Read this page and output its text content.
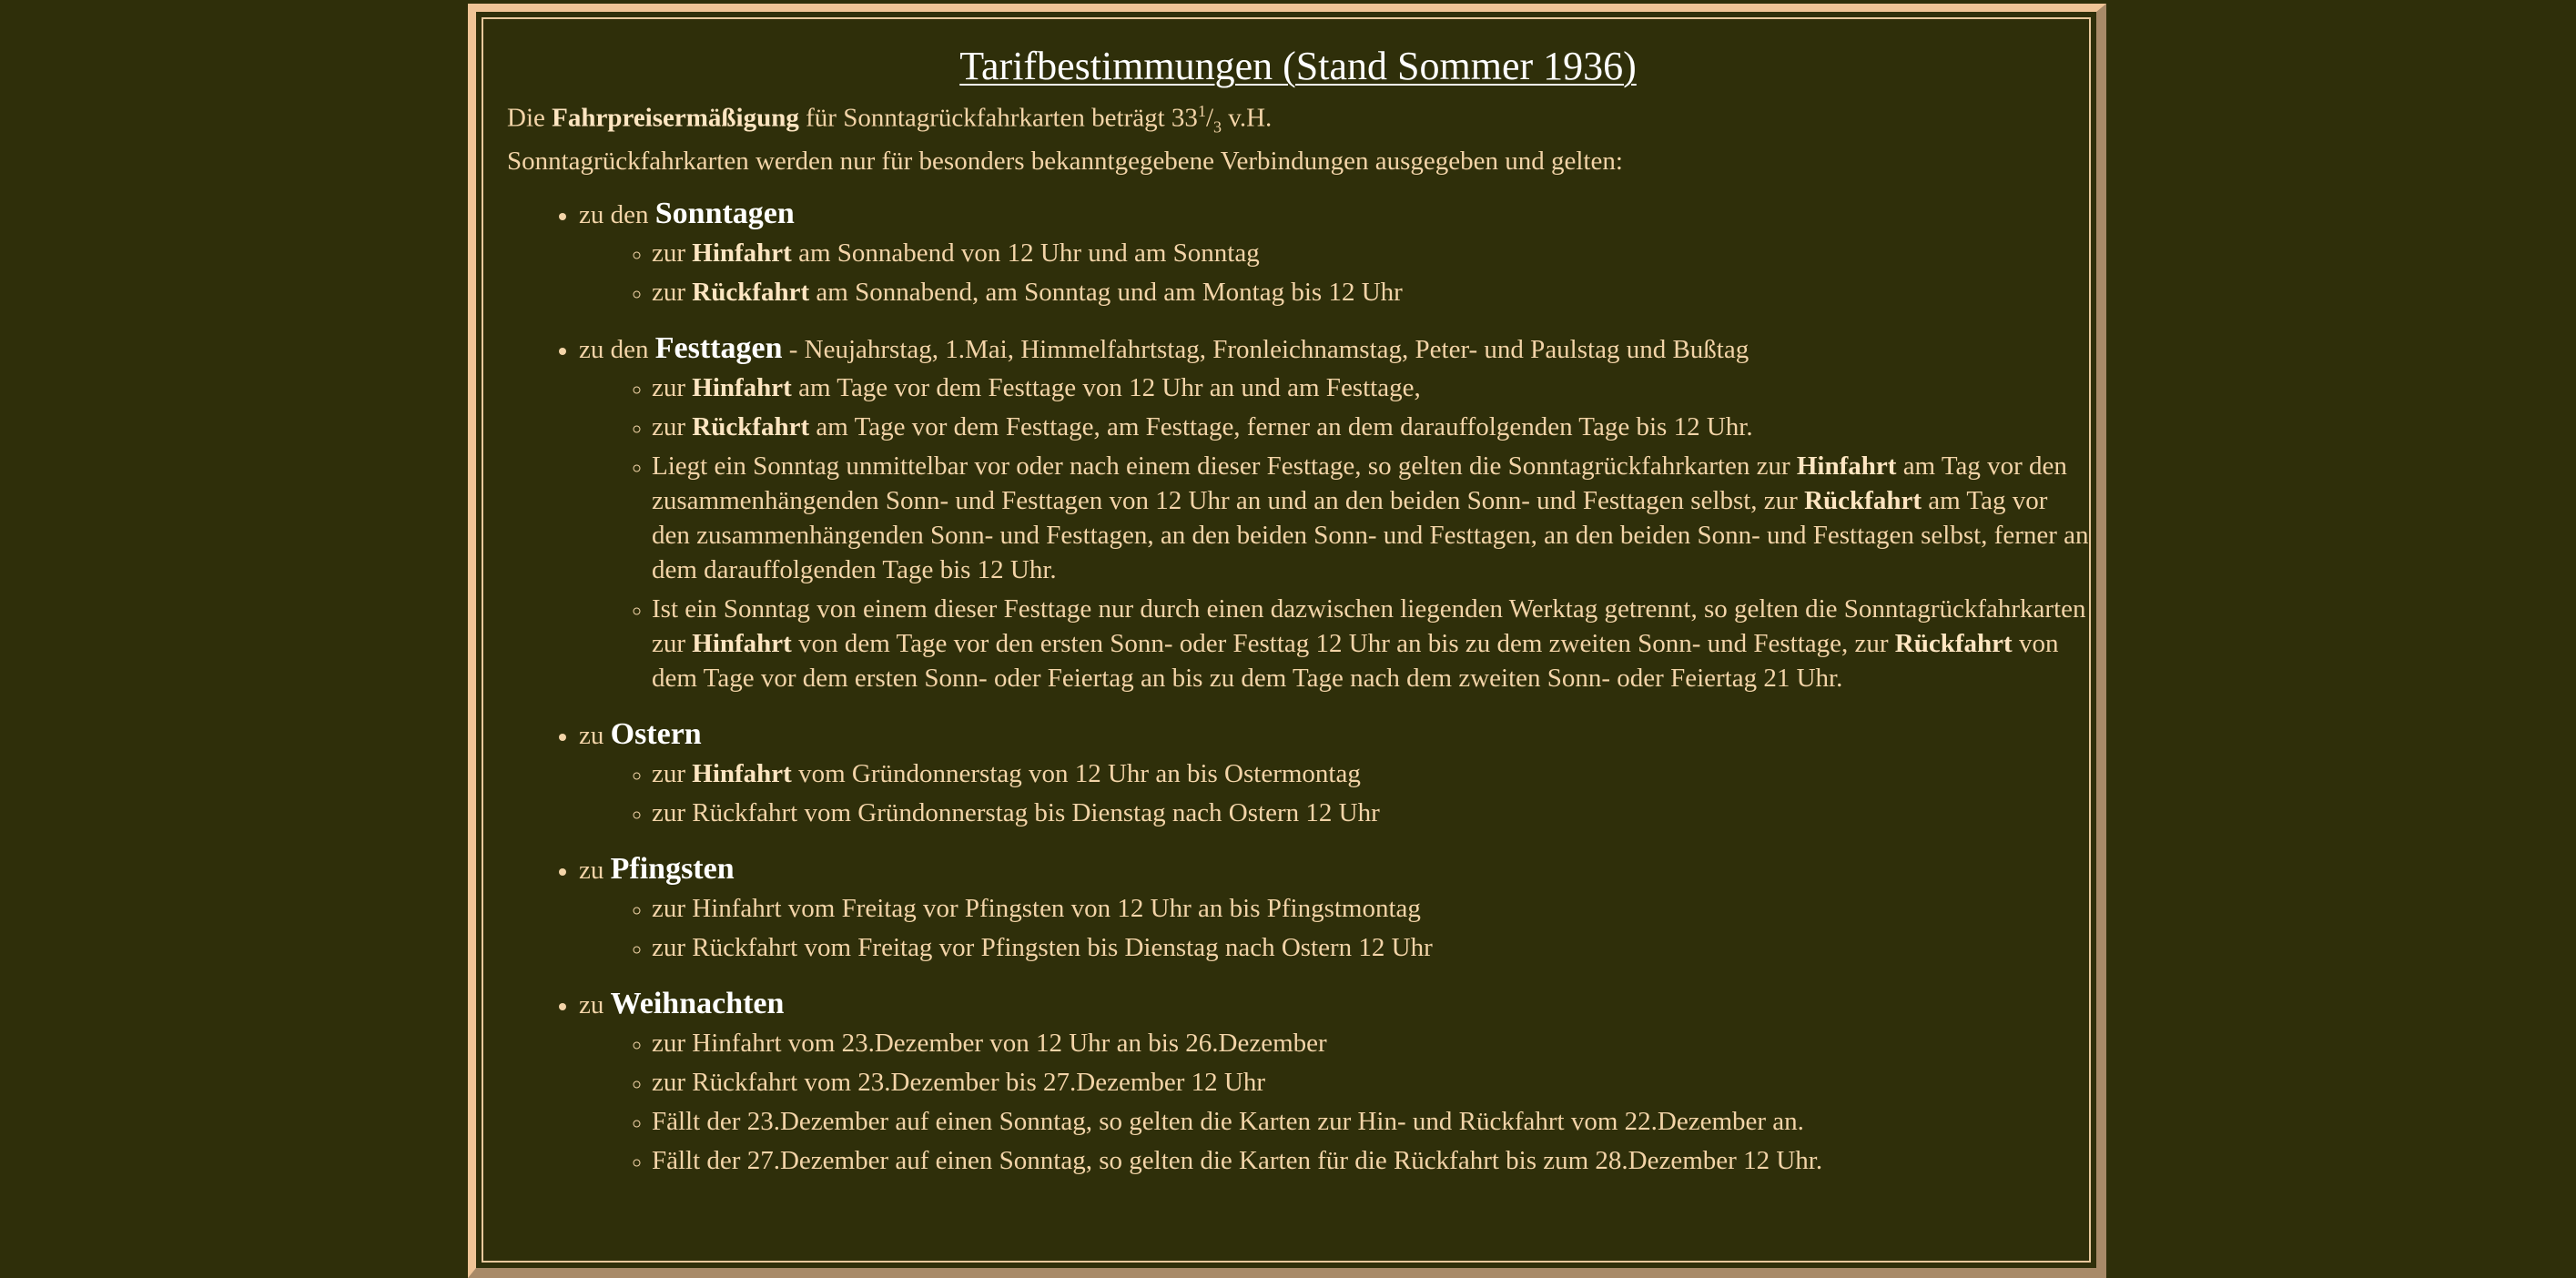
Tarifbestimmungen (Stand Sommer 1936)

Die Fahrpreisermäßigung für Sonntagrückfahrkarten beträgt $33^1/_3$ v.H.
Sonntagrückfahrkarten werden nur für besonders bekanntgegebene Verbindungen ausgegeben und gelten:

• zu den Sonntagen
◦ zur Hinfahrt am Sonnabend von 12 Uhr und am Sonntag
◦ zur Rückfahrt am Sonnabend, am Sonntag und am Montag bis 12 Uhr
• zu den Festtagen - Neujahrstag, 1.Mai, Himmelfahrtstag, Fronleichnamstag, Peter- und Paulstag und Bußtag
◦ zur Hinfahrt am Tage vor dem Festtage von 12 Uhr an und am Festtage,
◦ zur Rückfahrt am Tage vor dem Festtage, am Festtage, ferner an dem darauffolgenden Tage bis 12 Uhr.
◦ Liegt ein Sonntag unmittelbar vor oder nach einem dieser Festtage, so gelten die Sonntagrückfahrkarten zur Hinfahrt am Tag vor den zusammenhängenden Sonn- und Festtagen von 12 Uhr an und an den beiden Sonn- und Festtagen selbst, zur Rückfahrt am Tag vor den zusammenhängenden Sonn- und Festtagen, an den beiden Sonn- und Festtagen, an den beiden Sonn- und Festtagen selbst, ferner an dem darauffolgenden Tage bis 12 Uhr.
◦ Ist ein Sonntag von einem dieser Festtage nur durch einen dazwischen liegenden Werktag getrennt, so gelten die Sonntagrückfahrkarten zur Hinfahrt von dem Tage vor den ersten Sonn- oder Festtag 12 Uhr an bis zu dem zweiten Sonn- und Festtage, zur Rückfahrt von dem Tage vor dem ersten Sonn- oder Feiertag an bis zu dem Tage nach dem zweiten Sonn- oder Feiertag 21 Uhr.
• zu Ostern
◦ zur Hinfahrt vom Gründonnerstag von 12 Uhr an bis Ostermontag
◦ zur Rückfahrt vom Gründonnerstag bis Dienstag nach Ostern 12 Uhr
• zu Pfingsten
◦ zur Hinfahrt vom Freitag vor Pfingsten von 12 Uhr an bis Pfingstmontag
◦ zur Rückfahrt vom Freitag vor Pfingsten bis Dienstag nach Ostern 12 Uhr
• zu Weihnachten
◦ zur Hinfahrt vom 23.Dezember von 12 Uhr an bis 26.Dezember
◦ zur Rückfahrt vom 23.Dezember bis 27.Dezember 12 Uhr
◦ Fällt der 23.Dezember auf einen Sonntag, so gelten die Karten zur Hin- und Rückfahrt vom 22.Dezember an.
◦ Fällt der 27.Dezember auf einen Sonntag, so gelten die Karten für die Rückfahrt bis zum 28.Dezember 12 Uhr.
